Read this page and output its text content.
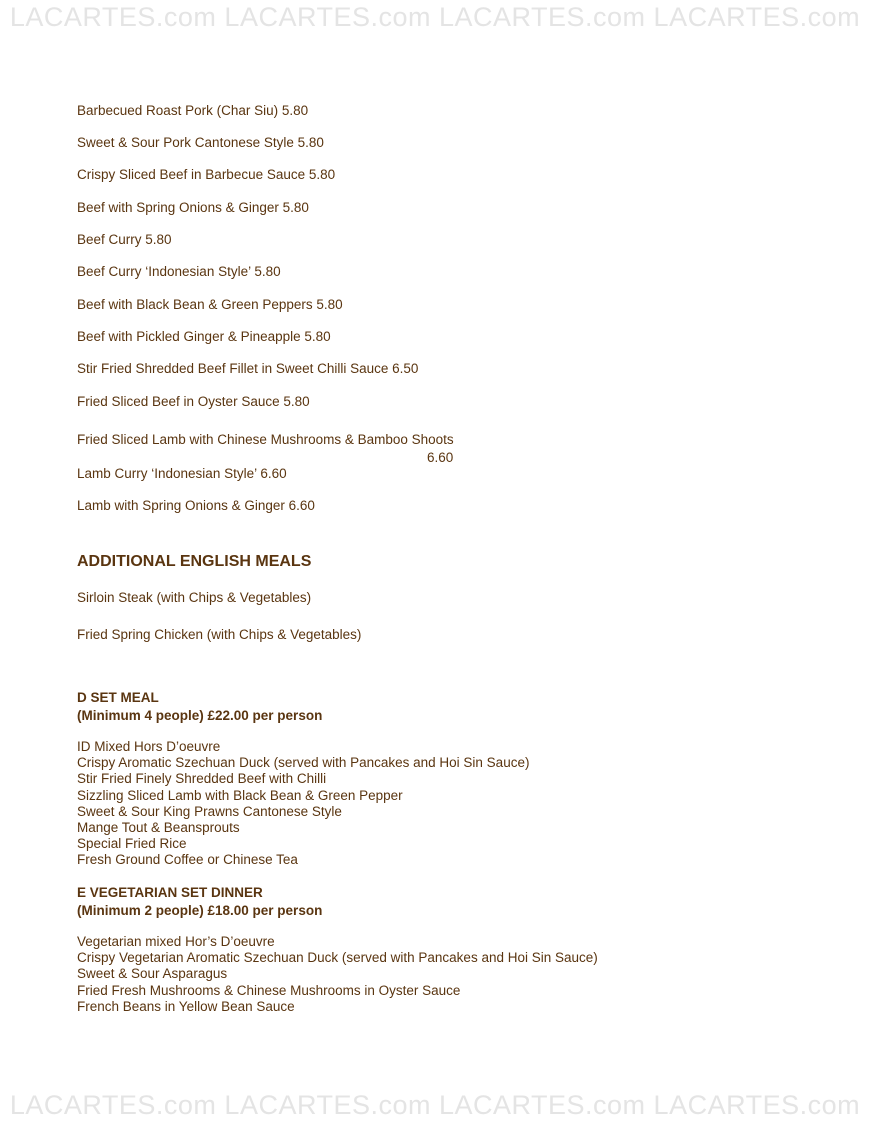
LACARTES.com LACARTES.com LACARTES.com LACARTES.com
Barbecued Roast Pork (Char Siu) 5.80
Sweet & Sour Pork Cantonese Style 5.80
Crispy Sliced Beef in Barbecue Sauce 5.80
Beef with Spring Onions & Ginger 5.80
Beef Curry 5.80
Beef Curry ‘Indonesian Style’ 5.80
Beef with Black Bean & Green Peppers 5.80
Beef with Pickled Ginger & Pineapple 5.80
Stir Fried Shredded Beef Fillet in Sweet Chilli Sauce 6.50
Fried Sliced Beef in Oyster Sauce 5.80
Fried Sliced Lamb with Chinese Mushrooms & Bamboo Shoots
6.60
Lamb Curry ‘Indonesian Style’ 6.60
Lamb with Spring Onions & Ginger 6.60
ADDITIONAL ENGLISH MEALS
Sirloin Steak (with Chips & Vegetables)
Fried Spring Chicken (with Chips & Vegetables)
D SET MEAL
(Minimum 4 people) £22.00 per person
ID Mixed Hors D’oeuvre
Crispy Aromatic Szechuan Duck (served with Pancakes and Hoi Sin Sauce)
Stir Fried Finely Shredded Beef with Chilli
Sizzling Sliced Lamb with Black Bean & Green Pepper
Sweet & Sour King Prawns Cantonese Style
Mange Tout & Beansprouts
Special Fried Rice
Fresh Ground Coffee or Chinese Tea
E VEGETARIAN SET DINNER
(Minimum 2 people) £18.00 per person
Vegetarian mixed Hor’s D’oeuvre
Crispy Vegetarian Aromatic Szechuan Duck (served with Pancakes and Hoi Sin Sauce)
Sweet & Sour Asparagus
Fried Fresh Mushrooms & Chinese Mushrooms in Oyster Sauce
French Beans in Yellow Bean Sauce
LACARTES.com LACARTES.com LACARTES.com LACARTES.com
